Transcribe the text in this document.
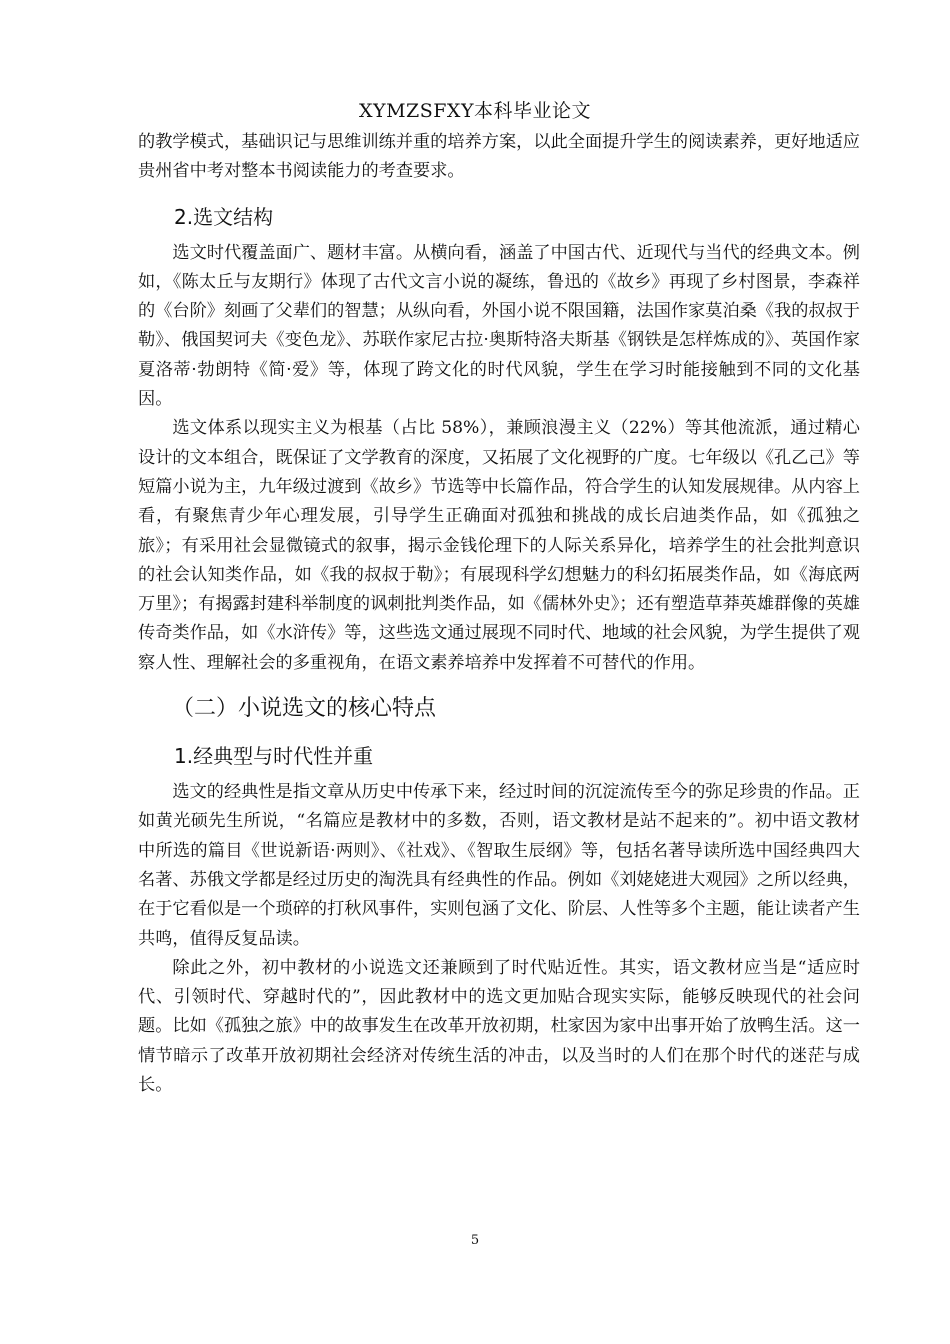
XYMZSFXY本科毕业论文

的教学模式，基础识记与思维训练并重的培养方案，以此全面提升学生的阅读素养，更好地适应贵州省中考对整本书阅读能力的考查要求。

2.选文结构

选文时代覆盖面广、题材丰富。从横向看，涵盖了中国古代、近现代与当代的经典文本。例如，《陈太丘与友期行》体现了古代文言小说的凝练，鲁迅的《故乡》再现了乡村图景，李森祥的《台阶》刻画了父辈们的智慧；从纵向看，外国小说不限国籍，法国作家莫泊桑《我的叔叔于勒》、俄国契诃夫《变色龙》、苏联作家尼古拉·奥斯特洛夫斯基《钢铁是怎样炼成的》、英国作家夏洛蒂·勃朗特《简·爱》等，体现了跨文化的时代风貌，学生在学习时能接触到不同的文化基因。

选文体系以现实主义为根基（占比 58%），兼顾浪漫主义（22%）等其他流派，通过精心设计的文本组合，既保证了文学教育的深度，又拓展了文化视野的广度。七年级以《孔乙己》等短篇小说为主，九年级过渡到《故乡》节选等中长篇作品，符合学生的认知发展规律。从内容上看，有聚焦青少年心理发展，引导学生正确面对孤独和挑战的成长启迪类作品，如《孤独之旅》；有采用社会显微镜式的叙事，揭示金钱伦理下的人际关系异化，培养学生的社会批判意识的社会认知类作品，如《我的叔叔于勒》；有展现科学幻想魅力的科幻拓展类作品，如《海底两万里》；有揭露封建科举制度的讽刺批判类作品，如《儒林外史》；还有塑造草莽英雄群像的英雄传奇类作品，如《水浒传》等，这些选文通过展现不同时代、地域的社会风貌，为学生提供了观察人性、理解社会的多重视角，在语文素养培养中发挥着不可替代的作用。

（二）小说选文的核心特点
1.经典型与时代性并重

选文的经典性是指文章从历史中传承下来，经过时间的沉淀流传至今的弥足珍贵的作品。正如黄光硕先生所说，“名篇应是教材中的多数，否则，语文教材是站不起来的”。初中语文教材中所选的篇目《世说新语·两则》、《社戏》、《智取生辰纲》等，包括名著导读所选中国经典四大名著、苏俄文学都是经过历史的淘洗具有经典性的作品。例如《刘姥姥进大观园》之所以经典，在于它看似是一个琐碎的打秋风事件，实则包涵了文化、阶层、人性等多个主题，能让读者产生共鸣，值得反复品读。

除此之外，初中教材的小说选文还兼顾到了时代贴近性。其实，语文教材应当是“适应时代、引领时代、穿越时代的”，因此教材中的选文更加贴合现实实际，能够反映现代的社会问题。比如《孤独之旅》中的故事发生在改革开放初期，杜家因为家中出事开始了放鸭生活。这一情节暗示了改革开放初期社会经济对传统生活的冲击，以及当时的人们在那个时代的迷茫与成长。

5
